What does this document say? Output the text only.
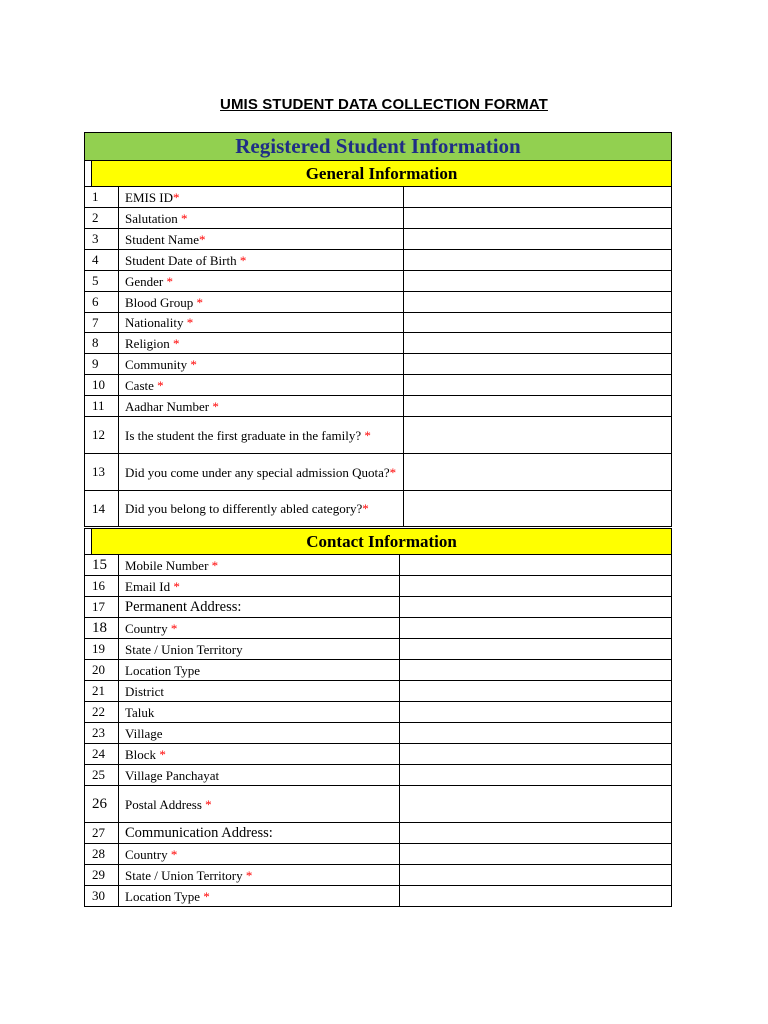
UMIS STUDENT DATA COLLECTION FORMAT
Registered Student Information		

General Information		

1	EMIS ID*	
2	Salutation *	
3	Student Name*	
4	Student Date of Birth *	
5	Gender *	
6	Blood Group *	
7	Nationality *	
8	Religion *	
9	Community *	
10	Caste *	
11	Aadhar Number *	
12	Is the student the first graduate in the family? *	
13	Did you come under any special admission Quota?*	
14	Did you belong to differently abled category?*	
Contact Information		

15	Mobile Number *	
16	Email Id *	
17	Permanent Address:	
18	Country *	
19	State / Union Territory	
20	Location Type	
21	District	
22	Taluk	
23	Village	
24	Block *	
25	Village Panchayat	
26	Postal Address *	
27	Communication Address:	
28	Country *	
29	State / Union Territory *	
30	Location Type *	
